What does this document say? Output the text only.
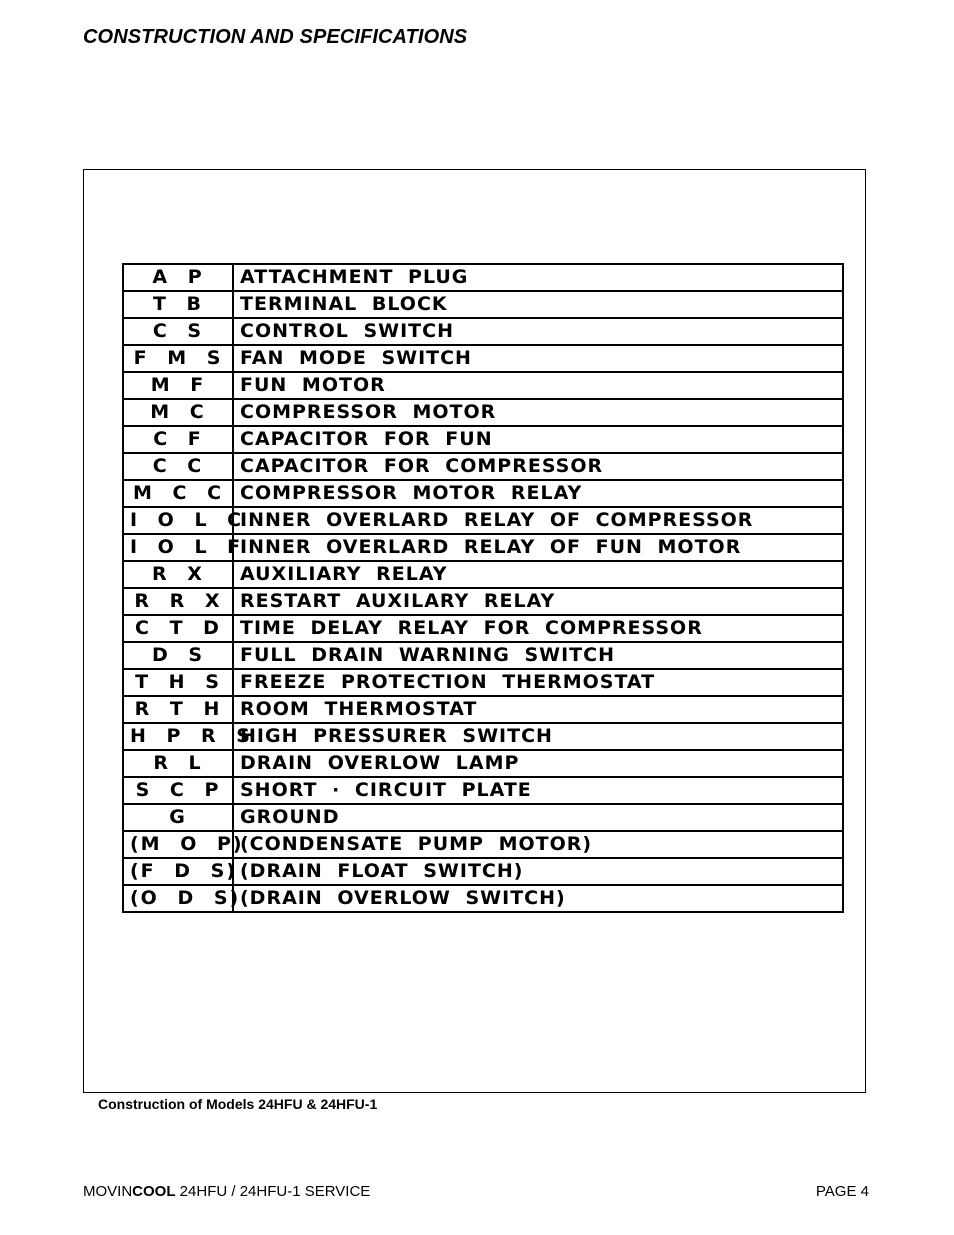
CONSTRUCTION AND SPECIFICATIONS
A P	ATTACHMENT PLUG
T B	TERMINAL BLOCK
C S	CONTROL SWITCH
F M S	FAN MODE SWITCH
M F	FUN MOTOR
M C	COMPRESSOR MOTOR
C F	CAPACITOR FOR FUN
C C	CAPACITOR FOR COMPRESSOR
M C C	COMPRESSOR MOTOR RELAY
I O L C	INNER OVERLARD RELAY OF COMPRESSOR
I O L F	INNER OVERLARD RELAY OF FUN MOTOR
R X	AUXILIARY RELAY
R R X	RESTART AUXILARY RELAY
C T D	TIME DELAY RELAY FOR COMPRESSOR
D S	FULL DRAIN WARNING SWITCH
T H S	FREEZE PROTECTION THERMOSTAT
R T H	ROOM THERMOSTAT
H P R S	HIGH PRESSURER SWITCH
R L	DRAIN OVERLOW LAMP
S C P	SHORT · CIRCUIT PLATE
G	GROUND
(M O P)	(CONDENSATE PUMP MOTOR)
(F D S)	(DRAIN FLOAT SWITCH)
(O D S)	(DRAIN OVERLOW SWITCH)
Construction of Models 24HFU & 24HFU-1
MOVINCOOL 24HFU / 24HFU-1 SERVICE	PAGE 4
